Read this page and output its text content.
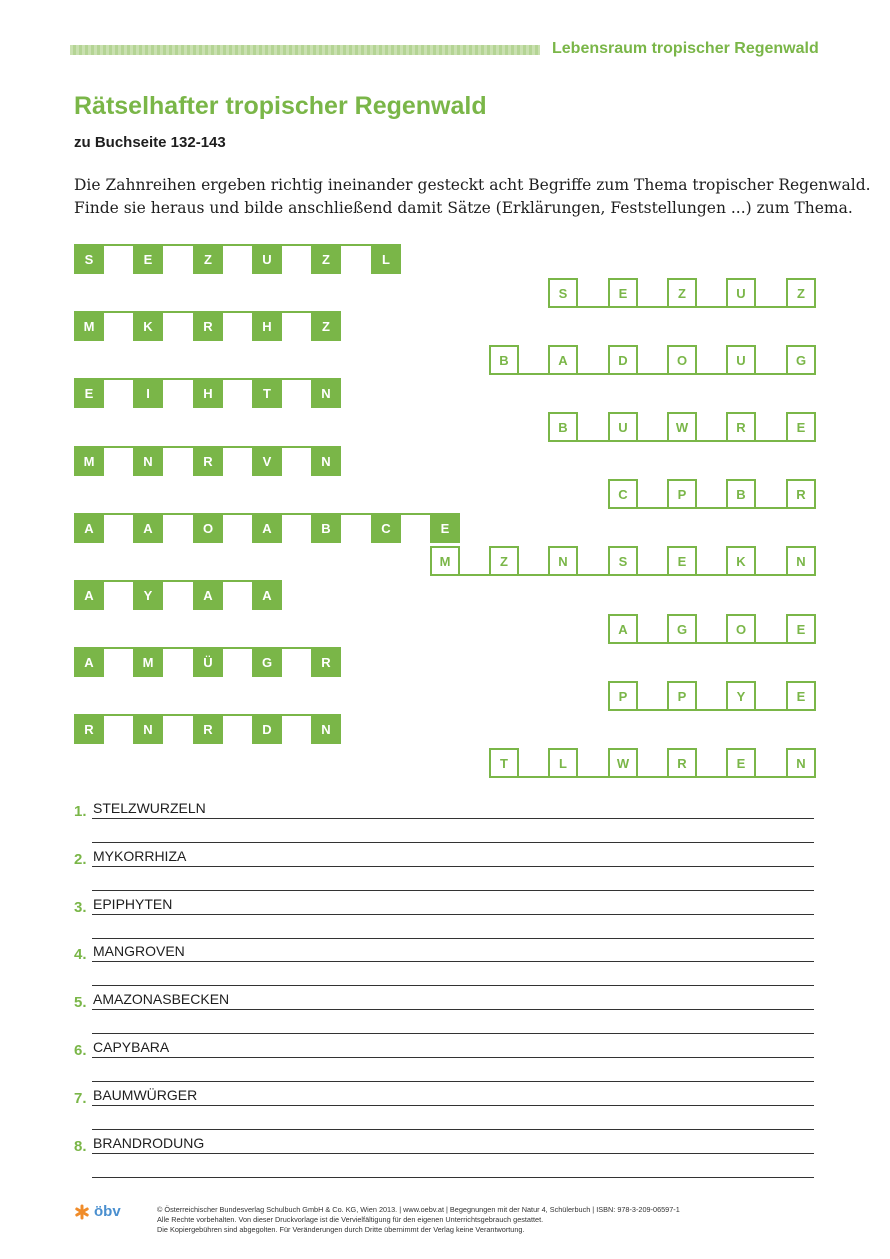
Lebensraum tropischer Regenwald
Rätselhafter tropischer Regenwald
zu Buchseite 132-143
Die Zahnreihen ergeben richtig ineinander gesteckt acht Begriffe zum Thema tropischer Regenwald.
Finde sie heraus und bilde anschließend damit Sätze (Erklärungen, Feststellungen ...) zum Thema.
S	E	Z	U	Z	L
S	E	Z	U	Z
M	K	R	H	Z
B	A	D	O	U	G
E	I	H	T	N
B	U	W	R	E
M	N	R	V	N
C	P	B	R
A	A	O	A	B	C	E
M	Z	N	S	E	K	N
A	Y	A	A
A	G	O	E
A	M	Ü	G	R
P	P	Y	E
R	N	R	D	N
T	L	W	R	E	N
1. STELZWURZELN
2. MYKORRHIZA
3. EPIPHYTEN
4. MANGROVEN
5. AMAZONASBECKEN
6. CAPYBARA
7. BAUMWÜRGER
8. BRANDRODUNG
öbv	© Österreichischer Bundesverlag Schulbuch GmbH & Co. KG, Wien 2013. | www.oebv.at | Begegnungen mit der Natur 4, Schülerbuch | ISBN: 978-3-209-06597-1
Alle Rechte vorbehalten. Von dieser Druckvorlage ist die Vervielfältigung für den eigenen Unterrichtsgebrauch gestattet.
Die Kopiergebühren sind abgegolten. Für Veränderungen durch Dritte übernimmt der Verlag keine Verantwortung.
